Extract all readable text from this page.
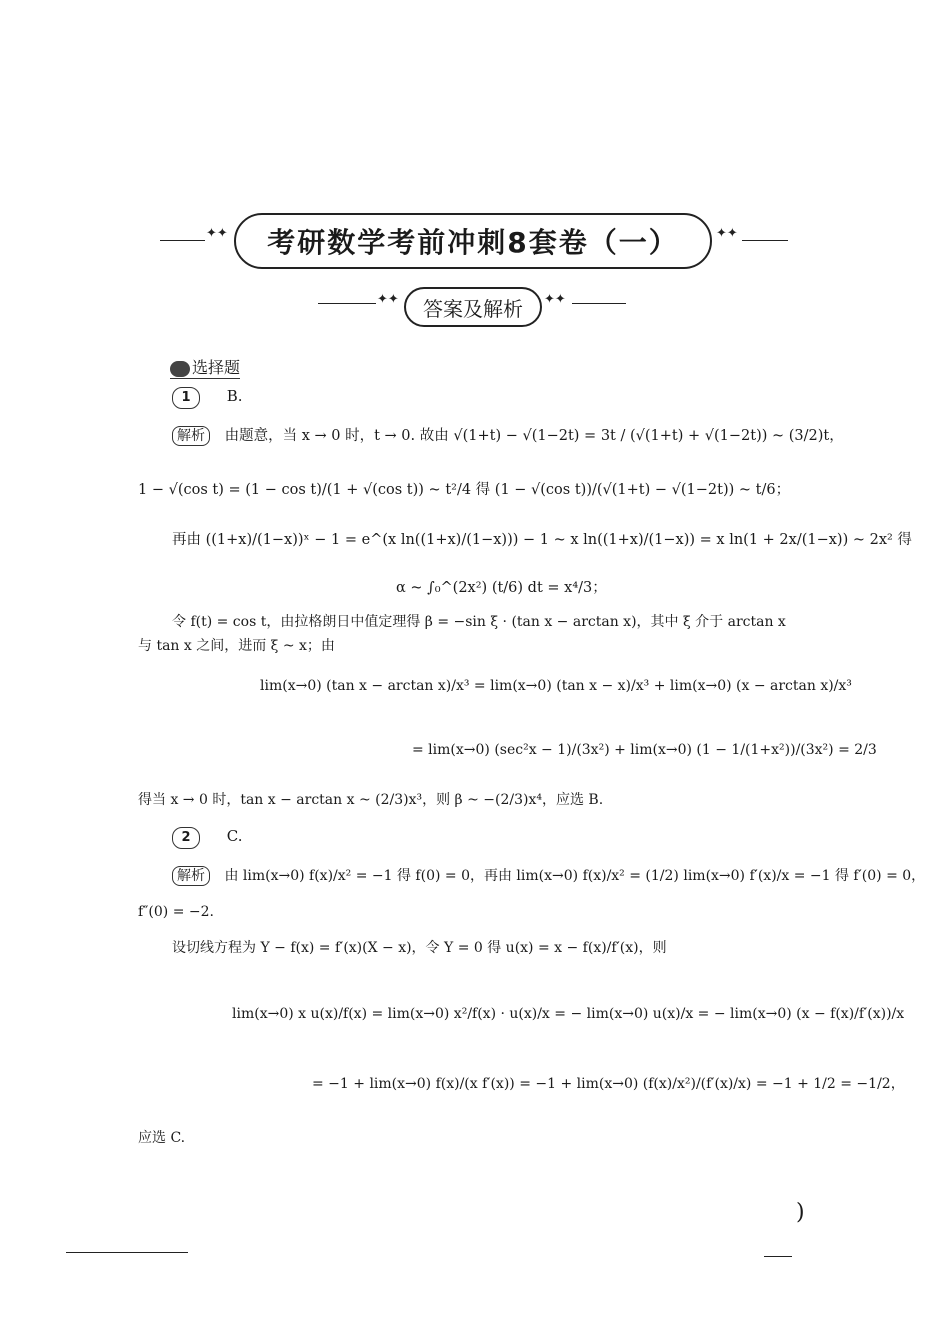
✦✦ 考研数学考前冲刺8套卷（一）	✦✦
✦✦ 答案及解析 ✦✦
选择题
1 B.
解析 由题意，当 x → 0 时，t → 0. 故由 √(1+t) − √(1−2t) = 3t / (√(1+t) + √(1−2t)) ~ (3/2)t，
1 − √(cos t) = (1 − cos t)/(1 + √(cos t)) ~ t²/4 得 (1 − √(cos t))/(√(1+t) − √(1−2t)) ~ t/6；
再由 ((1+x)/(1−x))ˣ − 1 = e^(x ln((1+x)/(1−x))) − 1 ~ x ln((1+x)/(1−x)) = x ln(1 + 2x/(1−x)) ~ 2x² 得
α ~ ∫₀^(2x²) (t/6) dt = x⁴/3；
令 f(t) = cos t，由拉格朗日中值定理得 β = −sin ξ · (tan x − arctan x)，其中 ξ 介于 arctan x
与 tan x 之间，进而 ξ ~ x；由
lim(x→0) (tan x − arctan x)/x³ = lim(x→0) (tan x − x)/x³ + lim(x→0) (x − arctan x)/x³
= lim(x→0) (sec²x − 1)/(3x²) + lim(x→0) (1 − 1/(1+x²))/(3x²) = 2/3
得当 x → 0 时，tan x − arctan x ~ (2/3)x³，则 β ~ −(2/3)x⁴，应选 B.
2 C.
解析 由 lim(x→0) f(x)/x² = −1 得 f(0) = 0，再由 lim(x→0) f(x)/x² = (1/2) lim(x→0) f′(x)/x = −1 得 f′(0) = 0，
f″(0) = −2.
设切线方程为 Y − f(x) = f′(x)(X − x)，令 Y = 0 得 u(x) = x − f(x)/f′(x)，则
lim(x→0) x u(x)/f(x) = lim(x→0) x²/f(x) · u(x)/x = − lim(x→0) u(x)/x = − lim(x→0) (x − f(x)/f′(x))/x
= −1 + lim(x→0) f(x)/(x f′(x)) = −1 + lim(x→0) (f(x)/x²)/(f′(x)/x) = −1 + 1/2 = −1/2，
应选 C.
)
